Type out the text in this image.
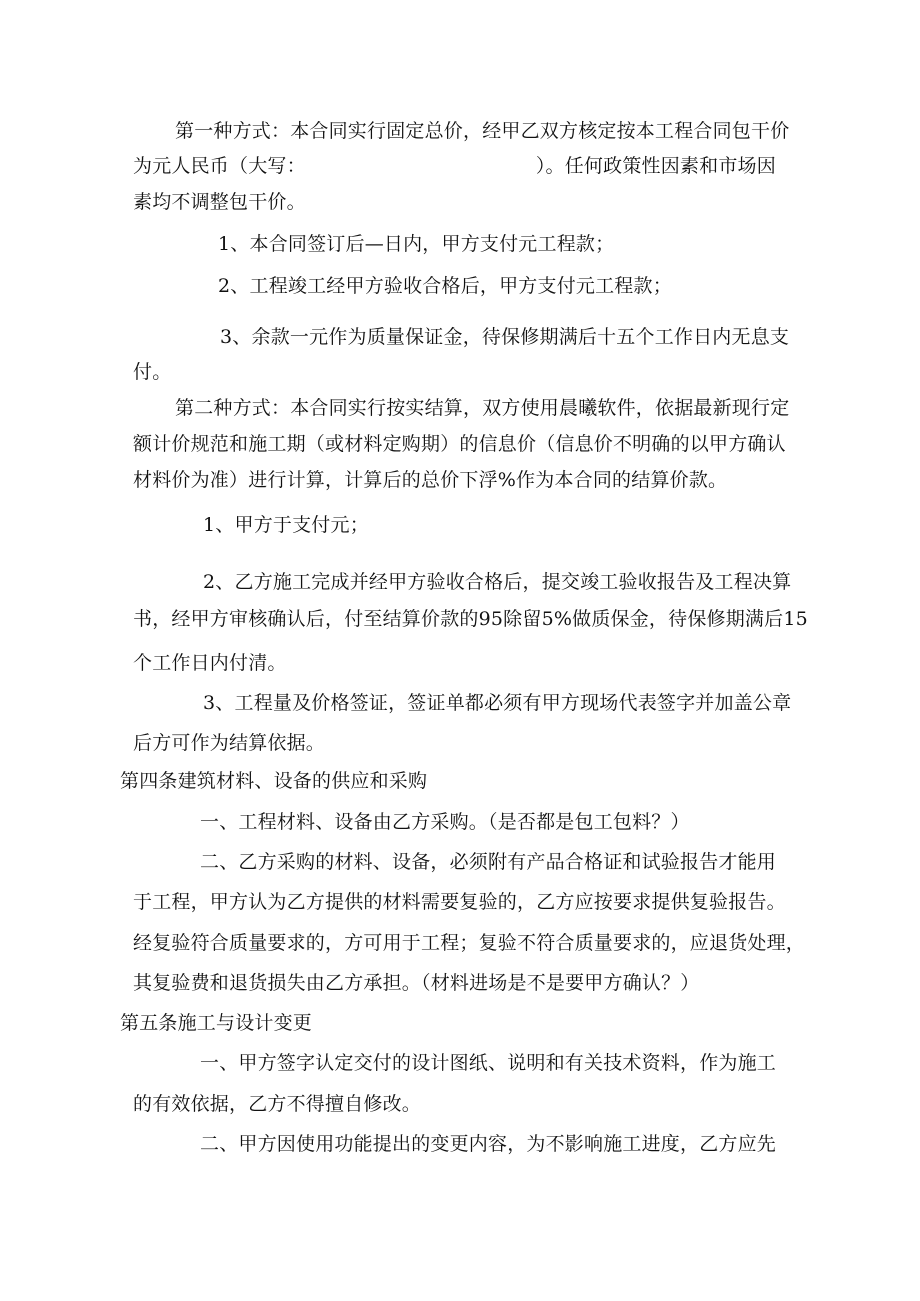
第一种方式：本合同实行固定总价，经甲乙双方核定按本工程合同包干价
为元人民币（大写：	）。任何政策性因素和市场因
素均不调整包干价。
1、本合同签订后—日内，甲方支付元工程款；
2、工程竣工经甲方验收合格后，甲方支付元工程款；
3、余款一元作为质量保证金，待保修期满后十五个工作日内无息支
付。
第二种方式：本合同实行按实结算，双方使用晨曦软件，依据最新现行定
额计价规范和施工期（或材料定购期）的信息价（信息价不明确的以甲方确认
材料价为准）进行计算，计算后的总价下浮%作为本合同的结算价款。
1、甲方于支付元；
2、乙方施工完成并经甲方验收合格后，提交竣工验收报告及工程决算
书，经甲方审核确认后，付至结算价款的95除留5%做质保金，待保修期满后15
个工作日内付清。
3、工程量及价格签证，签证单都必须有甲方现场代表签字并加盖公章
后方可作为结算依据。
第四条建筑材料、设备的供应和采购
一、工程材料、设备由乙方采购。（是否都是包工包料？）
二、乙方采购的材料、设备，必须附有产品合格证和试验报告才能用
于工程，甲方认为乙方提供的材料需要复验的，乙方应按要求提供复验报告。
经复验符合质量要求的，方可用于工程；复验不符合质量要求的，应退货处理，
其复验费和退货损失由乙方承担。（材料进场是不是要甲方确认？）
第五条施工与设计变更
一、甲方签字认定交付的设计图纸、说明和有关技术资料，作为施工
的有效依据，乙方不得擅自修改。
二、甲方因使用功能提出的变更内容，为不影响施工进度，乙方应先
